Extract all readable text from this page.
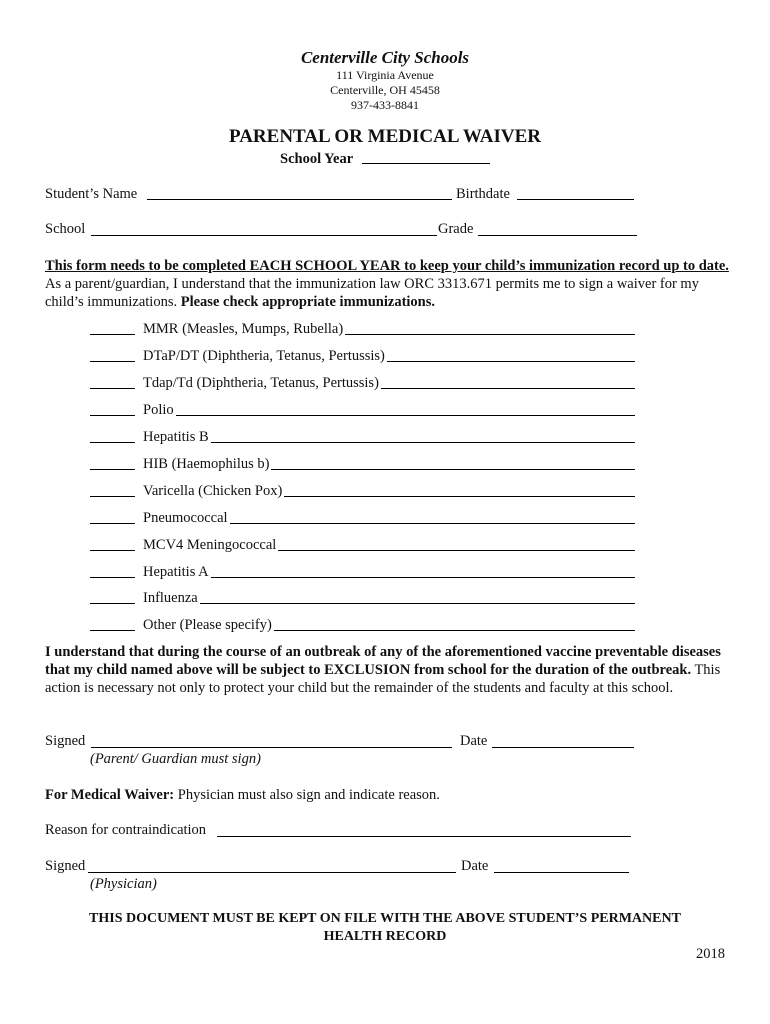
Centerville City Schools
111 Virginia Avenue
Centerville, OH 45458
937-433-8841
PARENTAL OR MEDICAL WAIVER
School Year
Student’s Name	Birthdate
School	Grade
This form needs to be completed EACH SCHOOL YEAR to keep your child’s immunization record up to date. As a parent/guardian, I understand that the immunization law ORC 3313.671 permits me to sign a waiver for my child’s immunizations. Please check appropriate immunizations.
MMR (Measles, Mumps, Rubella)
DTaP/DT (Diphtheria, Tetanus, Pertussis)
Tdap/Td (Diphtheria, Tetanus, Pertussis)
Polio
Hepatitis B
HIB (Haemophilus b)
Varicella (Chicken Pox)
Pneumococcal
MCV4 Meningococcal
Hepatitis A
Influenza
Other (Please specify)
I understand that during the course of an outbreak of any of the aforementioned vaccine preventable diseases that my child named above will be subject to EXCLUSION from school for the duration of the outbreak. This action is necessary not only to protect your child but the remainder of the students and faculty at this school.
Signed	Date
(Parent/ Guardian must sign)
For Medical Waiver: Physician must also sign and indicate reason.
Reason for contraindication
Signed	Date
(Physician)
THIS DOCUMENT MUST BE KEPT ON FILE WITH THE ABOVE STUDENT’S PERMANENT
HEALTH RECORD
2018
